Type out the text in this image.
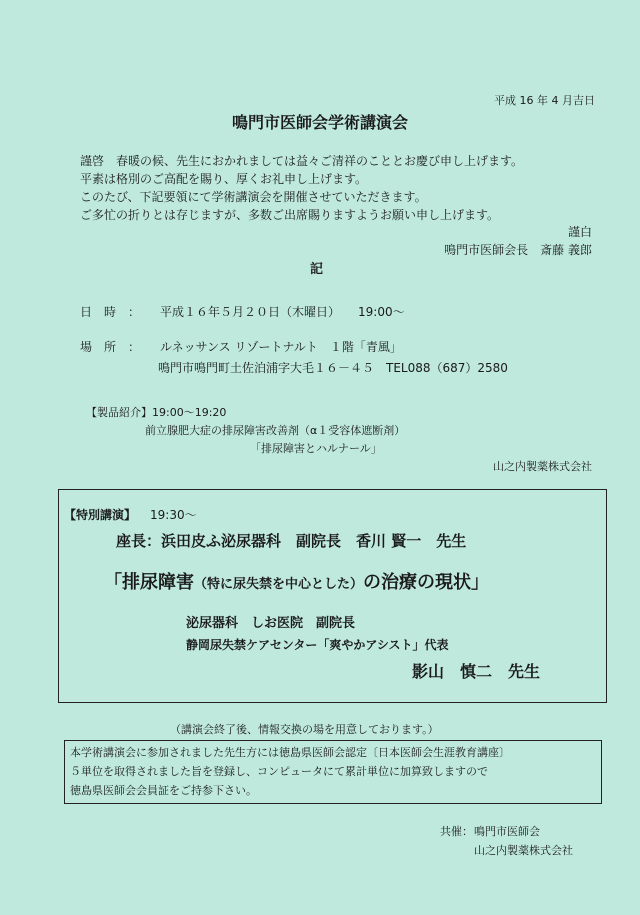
平成 16 年 4 月吉日
鳴門市医師会学術講演会
謹啓　春暖の候、先生におかれましては益々ご清祥のこととお慶び申し上げます。
平素は格別のご高配を賜り、厚くお礼申し上げます。
このたび、下記要領にて学術講演会を開催させていただきます。
ご多忙の折りとは存じますが、多数ご出席賜りますようお願い申し上げます。
謹白
鳴門市医師会長　斎藤 義郎
記
日　時　： 平成１６年５月２０日（木曜日）　　19:00～
場　所　： ルネッサンス リゾートナルト　１階「青風」
鳴門市鳴門町土佐泊浦字大毛１６－４５　TEL088（687）2580
【製品紹介】19:00～19:20
前立腺肥大症の排尿障害改善剤（α１受容体遮断剤）
「排尿障害とハルナール」
山之内製薬株式会社
【特別講演】 19:30～
座長：浜田皮ふ泌尿器科　副院長　香川 賢一　先生
「排尿障害（特に尿失禁を中心とした）の治療の現状」
泌尿器科　しお医院　副院長
静岡尿失禁ケアセンター「爽やかアシスト」代表
影山　慎二　先生
（講演会終了後、情報交換の場を用意しております。）
本学術講演会に参加されました先生方には徳島県医師会認定〔日本医師会生涯教育講座〕
５単位を取得されました旨を登録し、コンピュータにて累計単位に加算致しますので
徳島県医師会会員証をご持参下さい。
共催： 鳴門市医師会
山之内製薬株式会社
